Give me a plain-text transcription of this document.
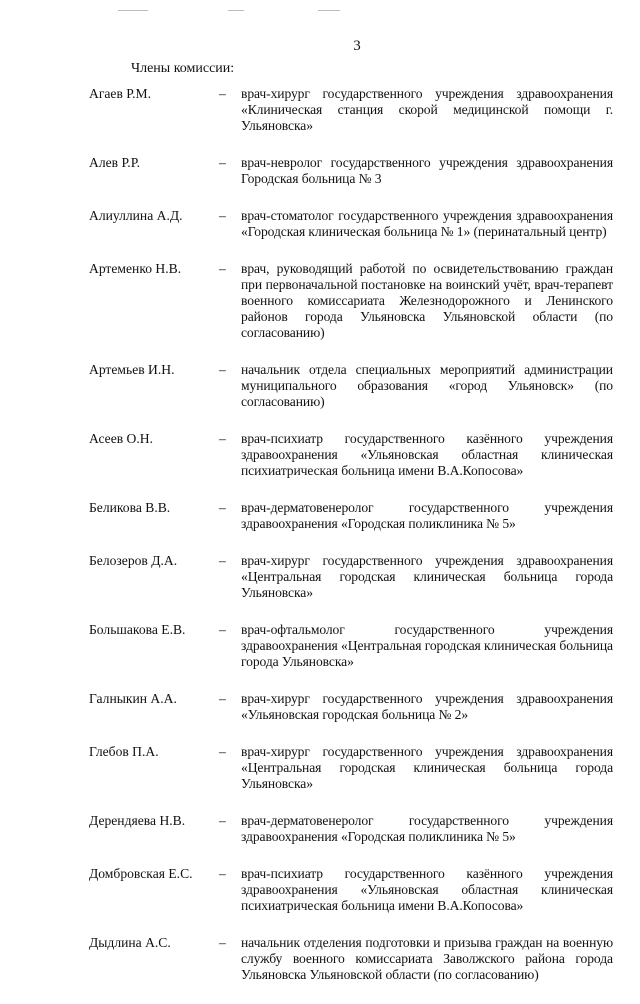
3
Члены комиссии:
Агаев Р.М.	–	врач-хирург государственного учреждения здравоохранения «Клиническая станция скорой медицинской помощи г. Ульяновска»
Алев Р.Р.	–	врач-невролог государственного учреждения здравоохранения Городская больница № 3
Алиуллина А.Д.	–	врач-стоматолог государственного учреждения здравоохранения «Городская клиническая больница № 1» (перинатальный центр)
Артеменко Н.В.	–	врач, руководящий работой по освидетельствованию граждан при первоначальной постановке на воинский учёт, врач-терапевт военного комиссариата Железнодорожного и Ленинского районов города Ульяновска Ульяновской области (по согласованию)
Артемьев И.Н.	–	начальник отдела специальных мероприятий администрации муниципального образования «город Ульяновск» (по согласованию)
Асеев О.Н.	–	врач-психиатр государственного казённого учреждения здравоохранения «Ульяновская областная клиническая психиатрическая больница имени В.А.Копосова»
Беликова В.В.	–	врач-дерматовенеролог государственного учреждения здравоохранения «Городская поликлиника № 5»
Белозеров Д.А.	–	врач-хирург государственного учреждения здравоохранения «Центральная городская клиническая больница города Ульяновска»
Большакова Е.В.	–	врач-офтальмолог государственного учреждения здравоохранения «Центральная городская клиническая больница города Ульяновска»
Галныкин А.А.	–	врач-хирург государственного учреждения здравоохранения «Ульяновская городская больница № 2»
Глебов П.А.	–	врач-хирург государственного учреждения здравоохранения «Центральная городская клиническая больница города Ульяновска»
Дерендяева Н.В.	–	врач-дерматовенеролог государственного учреждения здравоохранения «Городская поликлиника № 5»
Домбровская Е.С.	–	врач-психиатр государственного казённого учреждения здравоохранения «Ульяновская областная клиническая психиатрическая больница имени В.А.Копосова»
Дыдлина А.С.	–	начальник отделения подготовки и призыва граждан на военную службу военного комиссариата Заволжского района города Ульяновска Ульяновской области (по согласованию)
